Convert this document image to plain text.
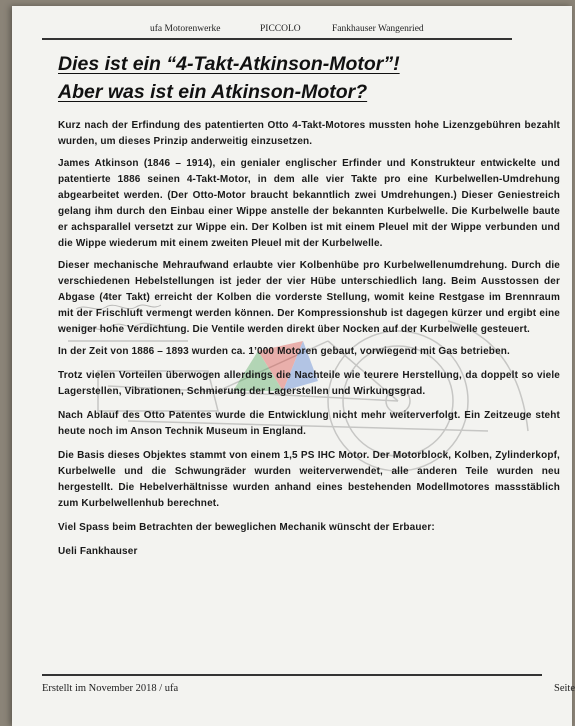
ufa Motorenwerke	PICCOLO	Fankhauser Wangenried
Dies ist ein “4-Takt-Atkinson-Motor”!
Aber was ist ein Atkinson-Motor?

Kurz nach der Erfindung des patentierten Otto 4-Takt-Motores mussten hohe Lizenzgebühren bezahlt wurden, um dieses Prinzip anderweitig einzusetzen.

James Atkinson (1846 – 1914), ein genialer englischer Erfinder und Konstrukteur entwickelte und patentierte 1886 seinen 4-Takt-Motor, in dem alle vier Takte pro eine Kurbelwellen-Umdrehung abgearbeitet werden. (Der Otto-Motor braucht bekanntlich zwei Umdrehungen.) Dieser Geniestreich gelang ihm durch den Einbau einer Wippe anstelle der bekannten Kurbelwelle. Die Kurbelwelle baute er achsparallel versetzt zur Wippe ein. Der Kolben ist mit einem Pleuel mit der Wippe verbunden und die Wippe wiederum mit einem zweiten Pleuel mit der Kurbelwelle.

Dieser mechanische Mehraufwand erlaubte vier Kolbenhübe pro Kurbelwellenumdrehung. Durch die verschiedenen Hebelstellungen ist jeder der vier Hübe unterschiedlich lang. Beim Ausstossen der Abgase (4ter Takt) erreicht der Kolben die vorderste Stellung, womit keine Restgase im Brennraum mit der Frischluft vermengt werden können. Der Kompressionshub ist dagegen kürzer und ergibt eine weniger hohe Verdichtung. Die Ventile werden direkt über Nocken auf der Kurbelwelle gesteuert.

In der Zeit von 1886 – 1893 wurden ca. 1’000 Motoren gebaut, vorwiegend mit Gas betrieben.

Trotz vielen Vorteilen überwogen allerdings die Nachteile wie teurere Herstellung, da doppelt so viele Lagerstellen, Vibrationen, Schmierung der Lagerstellen und Wirkungsgrad.

Nach Ablauf des Otto Patentes wurde die Entwicklung nicht mehr weiterverfolgt. Ein Zeitzeuge steht heute noch im Anson Technik Museum in England.

Die Basis dieses Objektes stammt von einem 1,5 PS IHC Motor. Der Motorblock, Kolben, Zylinderkopf, Kurbelwelle und die Schwungräder wurden weiterverwendet, alle anderen Teile wurden neu hergestellt. Die Hebelverhältnisse wurden anhand eines bestehenden Modellmotores massstäblich zum Kurbelwellenhub berechnet.

Viel Spass beim Betrachten der beweglichen Mechanik wünscht der Erbauer:

Ueli Fankhauser

Erstellt im November 2018 / ufa	Seite
